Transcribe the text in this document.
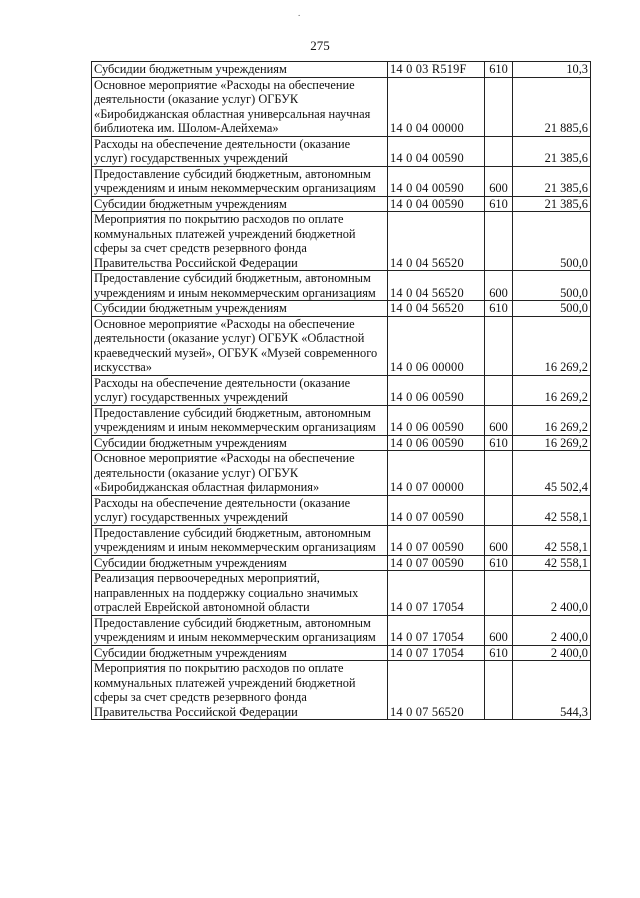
.
275
Субсидии бюджетным учреждениям	14 0 03 R519F	610	10,3
Основное мероприятие «Расходы на обеспечение деятельности (оказание услуг) ОГБУК «Биробиджанская областная универсальная научная библиотека им. Шолом-Алейхема»	14 0 04 00000		21 885,6
Расходы на обеспечение деятельности (оказание услуг) государственных учреждений	14 0 04 00590		21 385,6
Предоставление субсидий бюджетным, автономным учреждениям и иным некоммерческим организациям	14 0 04 00590	600	21 385,6
Субсидии бюджетным учреждениям	14 0 04 00590	610	21 385,6
Мероприятия по покрытию расходов по оплате коммунальных платежей учреждений бюджетной сферы за счет средств резервного фонда Правительства Российской Федерации	14 0 04 56520		500,0
Предоставление субсидий бюджетным, автономным учреждениям и иным некоммерческим организациям	14 0 04 56520	600	500,0
Субсидии бюджетным учреждениям	14 0 04 56520	610	500,0
Основное мероприятие «Расходы на обеспечение деятельности (оказание услуг) ОГБУК «Областной краеведческий музей», ОГБУК «Музей современного искусства»	14 0 06 00000		16 269,2
Расходы на обеспечение деятельности (оказание услуг) государственных учреждений	14 0 06 00590		16 269,2
Предоставление субсидий бюджетным, автономным учреждениям и иным некоммерческим организациям	14 0 06 00590	600	16 269,2
Субсидии бюджетным учреждениям	14 0 06 00590	610	16 269,2
Основное мероприятие «Расходы на обеспечение деятельности (оказание услуг) ОГБУК «Биробиджанская областная филармония»	14 0 07 00000		45 502,4
Расходы на обеспечение деятельности (оказание услуг) государственных учреждений	14 0 07 00590		42 558,1
Предоставление субсидий бюджетным, автономным учреждениям и иным некоммерческим организациям	14 0 07 00590	600	42 558,1
Субсидии бюджетным учреждениям	14 0 07 00590	610	42 558,1
Реализация первоочередных мероприятий, направленных на поддержку социально значимых отраслей Еврейской автономной области	14 0 07 17054		2 400,0
Предоставление субсидий бюджетным, автономным учреждениям и иным некоммерческим организациям	14 0 07 17054	600	2 400,0
Субсидии бюджетным учреждениям	14 0 07 17054	610	2 400,0
Мероприятия по покрытию расходов по оплате коммунальных платежей учреждений бюджетной сферы за счет средств резервного фонда Правительства Российской Федерации	14 0 07 56520		544,3
